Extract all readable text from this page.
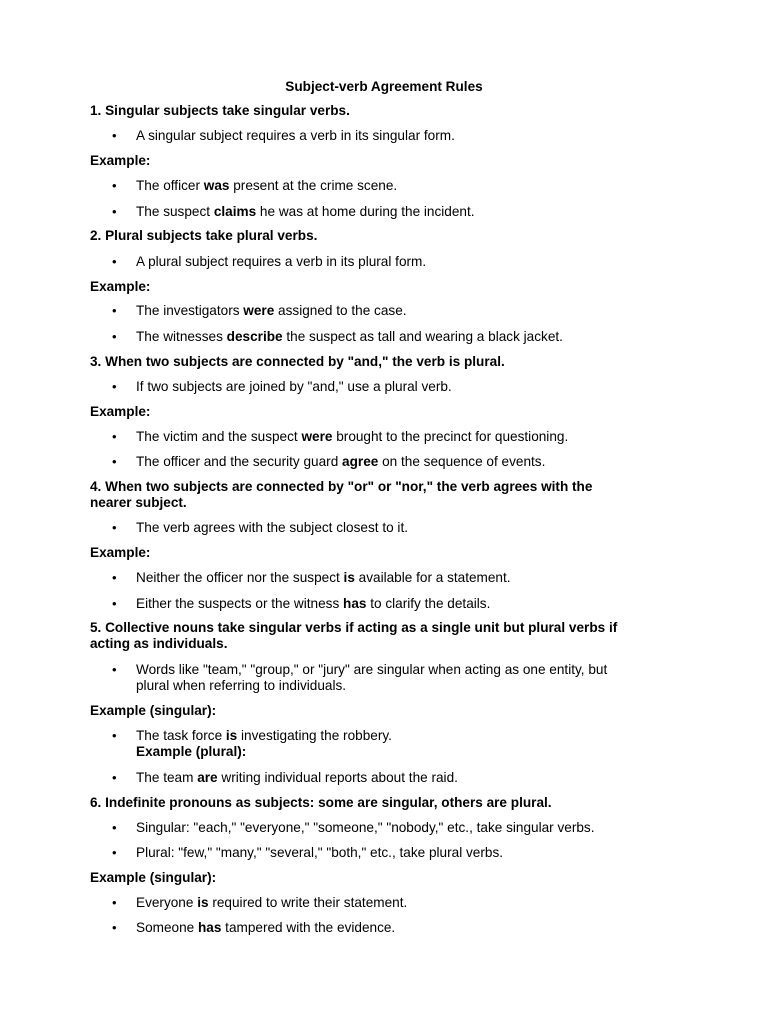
Subject-verb Agreement Rules
1. Singular subjects take singular verbs.
• A singular subject requires a verb in its singular form.
Example:
• The officer was present at the crime scene.
• The suspect claims he was at home during the incident.
2. Plural subjects take plural verbs.
• A plural subject requires a verb in its plural form.
Example:
• The investigators were assigned to the case.
• The witnesses describe the suspect as tall and wearing a black jacket.
3. When two subjects are connected by "and," the verb is plural.
• If two subjects are joined by "and," use a plural verb.
Example:
• The victim and the suspect were brought to the precinct for questioning.
• The officer and the security guard agree on the sequence of events.
4. When two subjects are connected by "or" or "nor," the verb agrees with the
nearer subject.
• The verb agrees with the subject closest to it.
Example:
• Neither the officer nor the suspect is available for a statement.
• Either the suspects or the witness has to clarify the details.
5. Collective nouns take singular verbs if acting as a single unit but plural verbs if
acting as individuals.
• Words like "team," "group," or "jury" are singular when acting as one entity, but
plural when referring to individuals.
Example (singular):
• The task force is investigating the robbery.
Example (plural):
• The team are writing individual reports about the raid.
6. Indefinite pronouns as subjects: some are singular, others are plural.
• Singular: "each," "everyone," "someone," "nobody," etc., take singular verbs.
• Plural: "few," "many," "several," "both," etc., take plural verbs.
Example (singular):
• Everyone is required to write their statement.
• Someone has tampered with the evidence.
